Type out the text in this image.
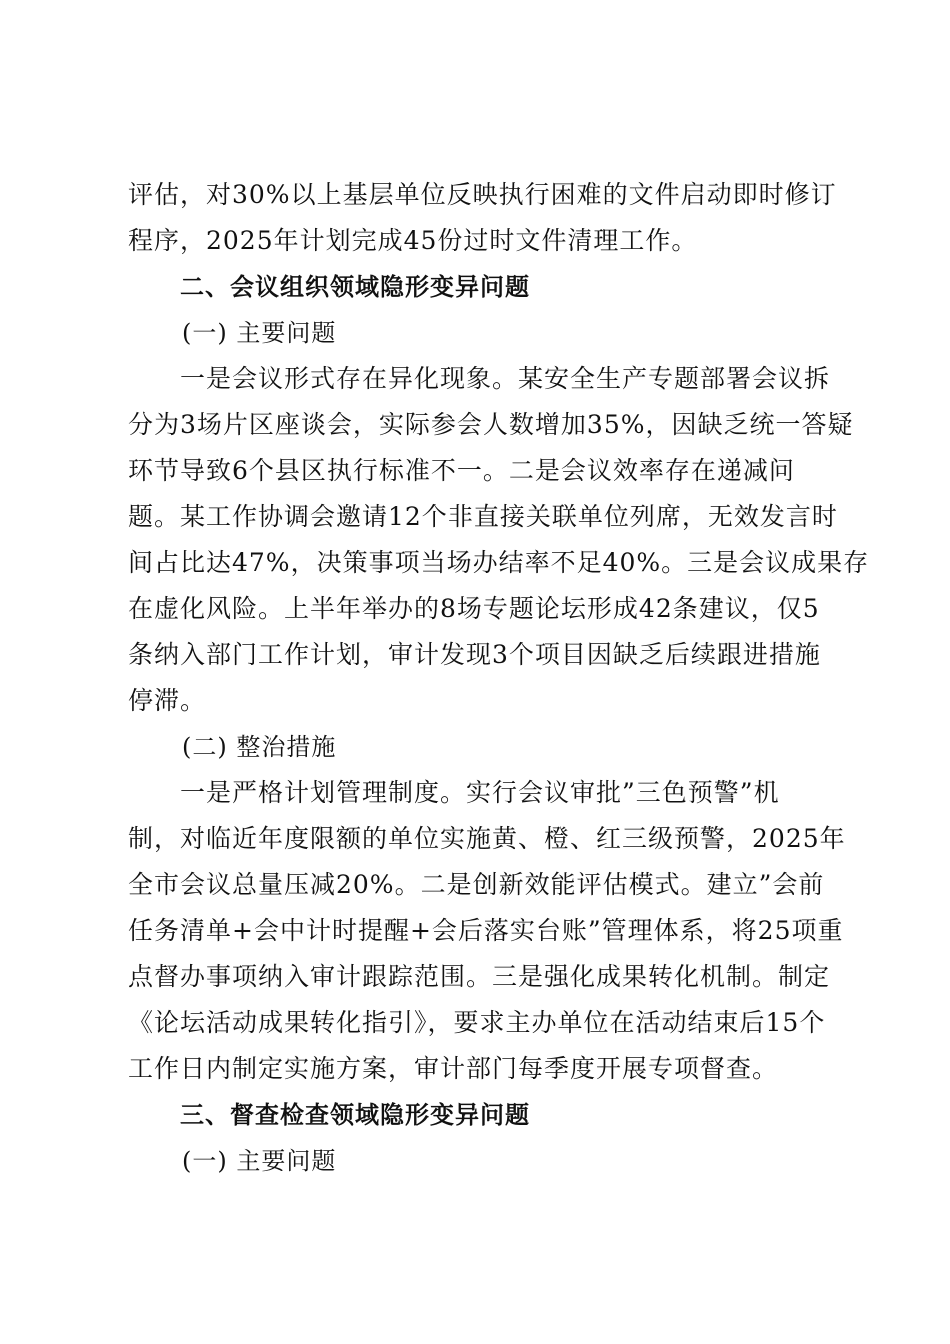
评估，对30%以上基层单位反映执行困难的文件启动即时修订
程序，2025年计划完成45份过时文件清理工作。
二、会议组织领域隐形变异问题
(一) 主要问题
一是会议形式存在异化现象。某安全生产专题部署会议拆
分为3场片区座谈会，实际参会人数增加35%，因缺乏统一答疑
环节导致6个县区执行标准不一。二是会议效率存在递减问
题。某工作协调会邀请12个非直接关联单位列席，无效发言时
间占比达47%，决策事项当场办结率不足40%。三是会议成果存
在虚化风险。上半年举办的8场专题论坛形成42条建议，仅5
条纳入部门工作计划，审计发现3个项目因缺乏后续跟进措施
停滞。
(二) 整治措施
一是严格计划管理制度。实行会议审批”三色预警”机
制，对临近年度限额的单位实施黄、橙、红三级预警，2025年
全市会议总量压减20%。二是创新效能评估模式。建立”会前
任务清单+会中计时提醒+会后落实台账”管理体系，将25项重
点督办事项纳入审计跟踪范围。三是强化成果转化机制。制定
《论坛活动成果转化指引》，要求主办单位在活动结束后15个
工作日内制定实施方案，审计部门每季度开展专项督查。
三、督查检查领域隐形变异问题
(一) 主要问题
